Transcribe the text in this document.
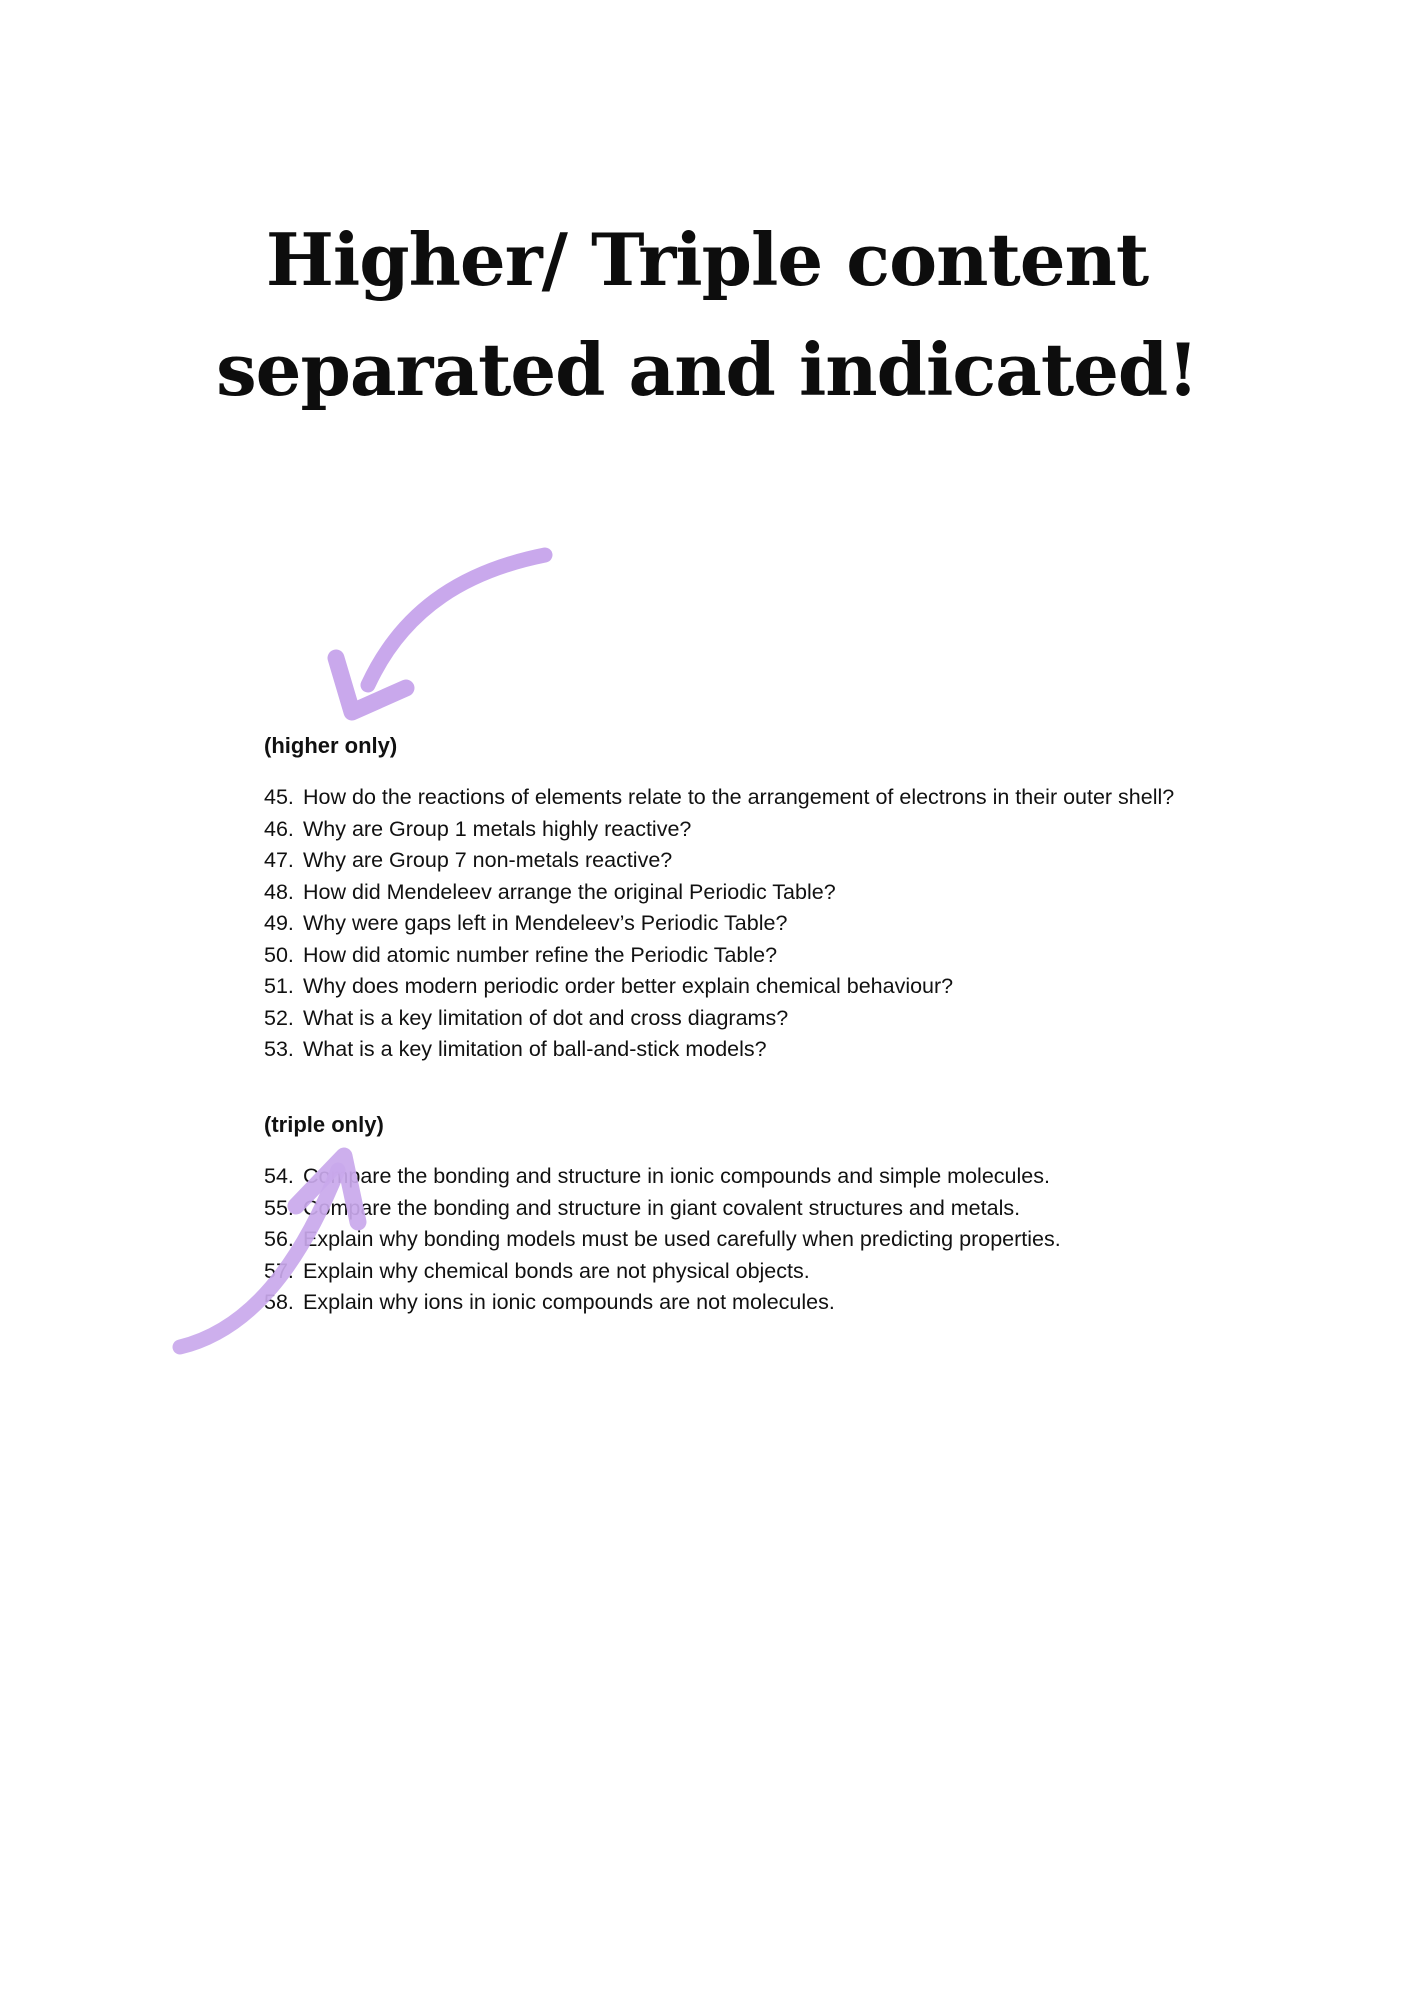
Higher/ Triple content
separated and indicated!

(higher only)

45. How do the reactions of elements relate to the arrangement of electrons in their outer shell?
46. Why are Group 1 metals highly reactive?
47. Why are Group 7 non-metals reactive?
48. How did Mendeleev arrange the original Periodic Table?
49. Why were gaps left in Mendeleev’s Periodic Table?
50. How did atomic number refine the Periodic Table?
51. Why does modern periodic order better explain chemical behaviour?
52. What is a key limitation of dot and cross diagrams?
53. What is a key limitation of ball-and-stick models?

(triple only)

54. Compare the bonding and structure in ionic compounds and simple molecules.
55. Compare the bonding and structure in giant covalent structures and metals.
56. Explain why bonding models must be used carefully when predicting properties.
57. Explain why chemical bonds are not physical objects.
58. Explain why ions in ionic compounds are not molecules.
